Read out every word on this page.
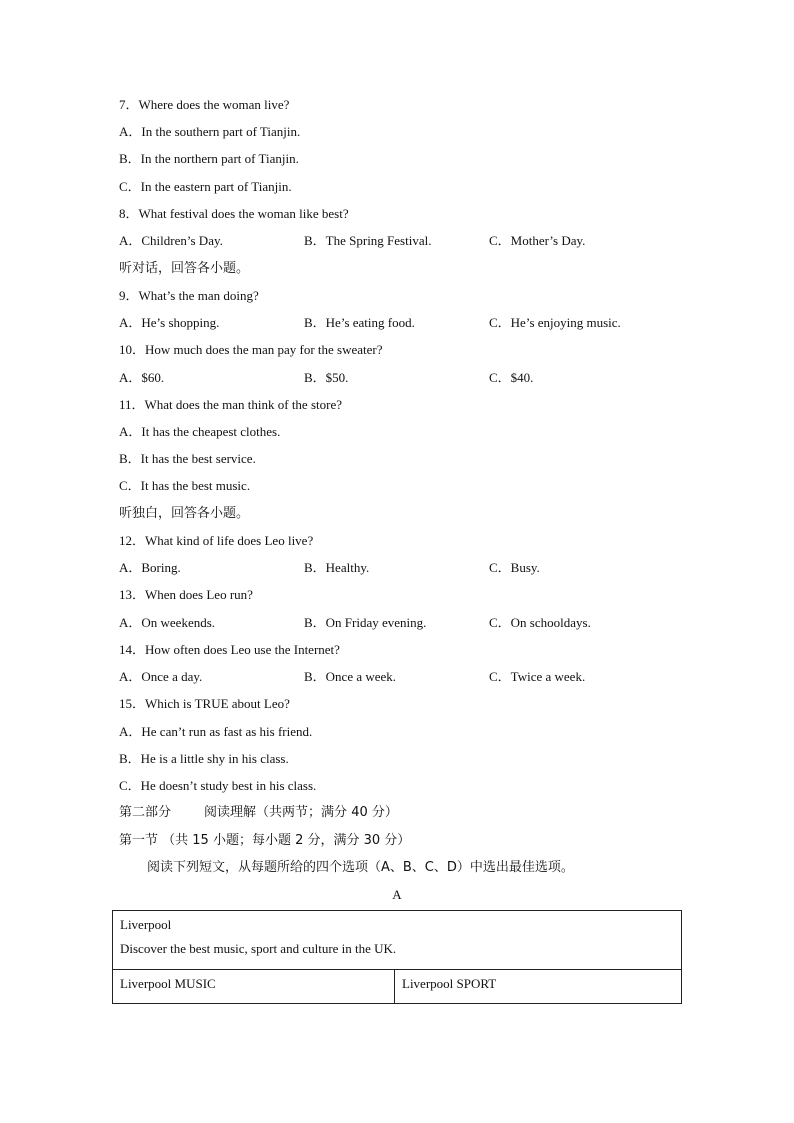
7．Where does the woman live?
A．In the southern part of Tianjin.
B．In the northern part of Tianjin.
C．In the eastern part of Tianjin.
8．What festival does the woman like best?

A．Children’s Day.

	B．The Spring Festival.

	C．Mother’s Day.

听对话，回答各小题。
9．What’s the man doing?

A．He’s shopping.

	B．He’s eating food.

	C．He’s enjoying music.

10．How much does the man pay for the sweater?

A．$60.

	B．$50.

	C．$40.

11．What does the man think of the store?
A．It has the cheapest clothes.
B．It has the best service.
C．It has the best music.
听独白，回答各小题。
12．What kind of life does Leo live?

A．Boring.

	B．Healthy.

	C．Busy.

13．When does Leo run?

A．On weekends.

	B．On Friday evening.

	C．On schooldays.

14．How often does Leo use the Internet?

A．Once a day.

	B．Once a week.

	C．Twice a week.

15．Which is TRUE about Leo?
A．He can’t run as fast as his friend.
B．He is a little shy in his class.
C．He doesn’t study best in his class.
第二部分        阅读理解（共两节；满分 40 分）
第一节 （共 15 小题；每小题 2 分，满分 30 分）
阅读下列短文，从每题所给的四个选项（A、B、C、D）中选出最佳选项。
A
Liverpool
Discover the best music, sport and culture in the UK.
Liverpool MUSIC	Liverpool SPORT
